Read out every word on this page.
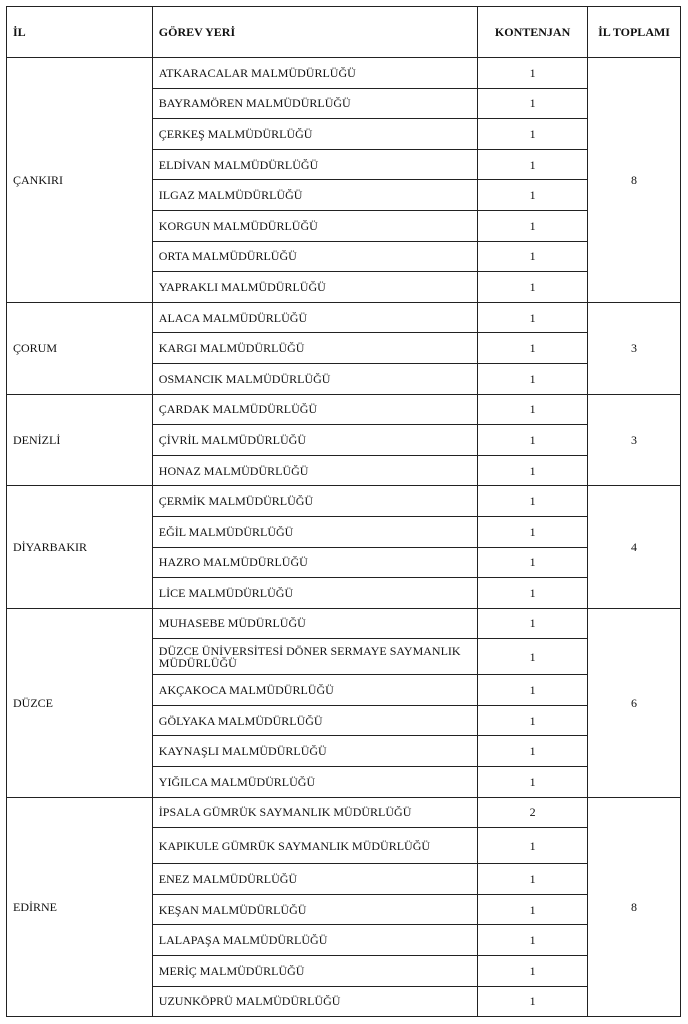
İL	GÖREV YERİ	KONTENJAN	İL TOPLAMI
ÇANKIRI	ATKARACALAR MALMÜDÜRLÜĞÜ	1	8
	BAYRAMÖREN MALMÜDÜRLÜĞÜ	1	
	ÇERKEŞ MALMÜDÜRLÜĞÜ	1	
	ELDİVAN MALMÜDÜRLÜĞÜ	1	
	ILGAZ MALMÜDÜRLÜĞÜ	1	
	KORGUN MALMÜDÜRLÜĞÜ	1	
	ORTA MALMÜDÜRLÜĞÜ	1	
	YAPRAKLI MALMÜDÜRLÜĞÜ	1	
ÇORUM	ALACA MALMÜDÜRLÜĞÜ	1	3
	KARGI MALMÜDÜRLÜĞÜ	1	
	OSMANCIK MALMÜDÜRLÜĞÜ	1	
DENİZLİ	ÇARDAK MALMÜDÜRLÜĞÜ	1	3
	ÇİVRİL MALMÜDÜRLÜĞÜ	1	
	HONAZ MALMÜDÜRLÜĞÜ	1	
DİYARBAKIR	ÇERMİK MALMÜDÜRLÜĞÜ	1	4
	EĞİL MALMÜDÜRLÜĞÜ	1	
	HAZRO MALMÜDÜRLÜĞÜ	1	
	LİCE MALMÜDÜRLÜĞÜ	1	
DÜZCE	MUHASEBE MÜDÜRLÜĞÜ	1	6
	DÜZCE ÜNİVERSİTESİ DÖNER SERMAYE SAYMANLIK MÜDÜRLÜĞÜ	1	
	AKÇAKOCA MALMÜDÜRLÜĞÜ	1	
	GÖLYAKA MALMÜDÜRLÜĞÜ	1	
	KAYNAŞLI MALMÜDÜRLÜĞÜ	1	
	YIĞILCA MALMÜDÜRLÜĞÜ	1	
EDİRNE	İPSALA GÜMRÜK SAYMANLIK MÜDÜRLÜĞÜ	2	8
	KAPIKULE GÜMRÜK SAYMANLIK MÜDÜRLÜĞÜ	1	
	ENEZ MALMÜDÜRLÜĞÜ	1	
	KEŞAN MALMÜDÜRLÜĞÜ	1	
	LALAPAŞA MALMÜDÜRLÜĞÜ	1	
	MERİÇ MALMÜDÜRLÜĞÜ	1	
	UZUNKÖPRÜ MALMÜDÜRLÜĞÜ	1	
